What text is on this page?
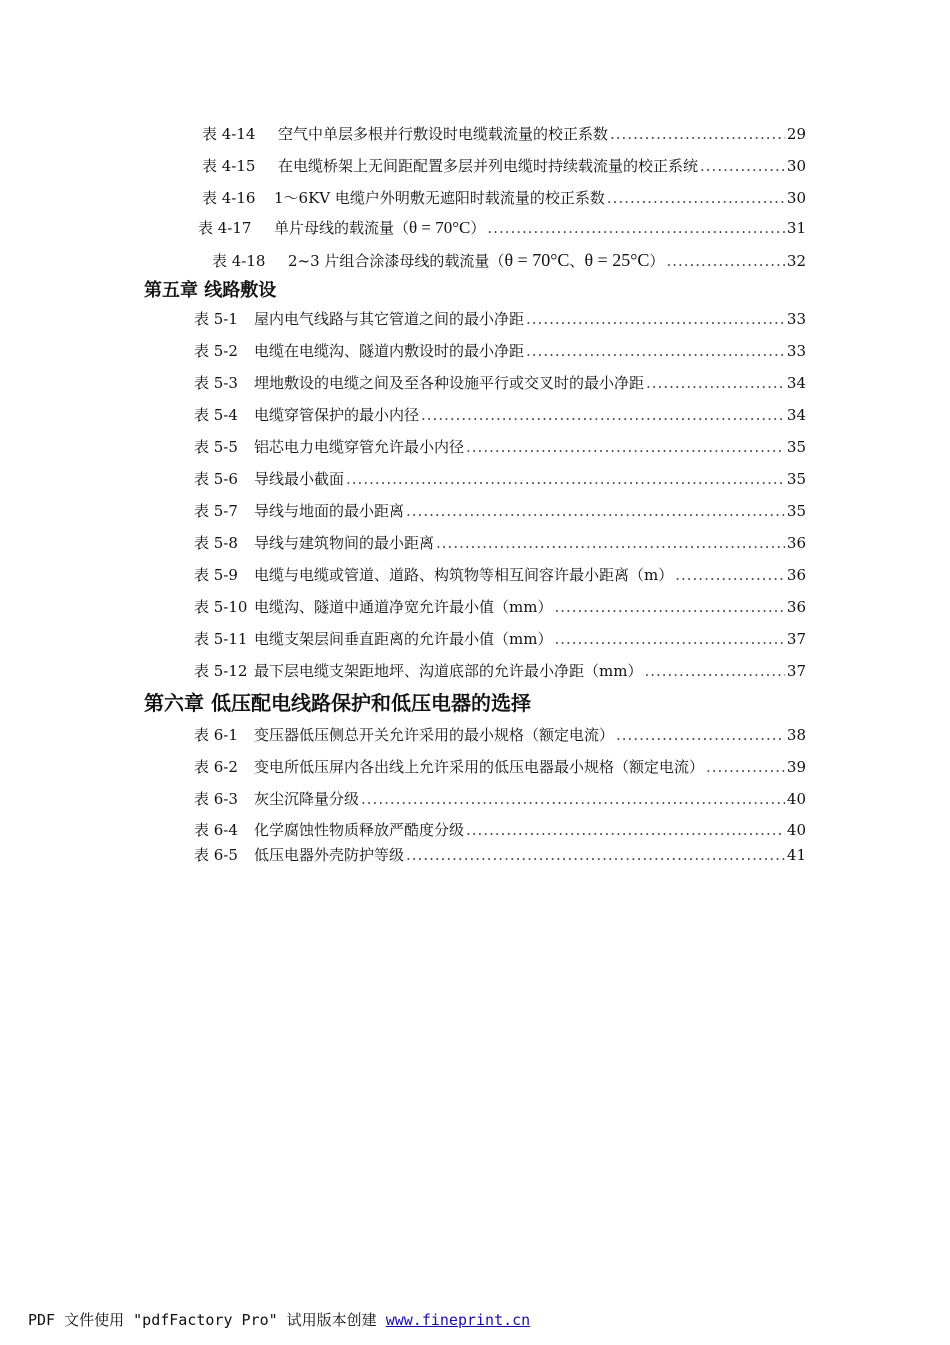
表 4-14	空气中单层多根并行敷设时电缆载流量的校正系数 .....	29
表 4-15	在电缆桥架上无间距配置多层并列电缆时持续载流量的校正系统 .....	30
表 4-16	1～6KV 电缆户外明敷无遮阳时载流量的校正系数 .....	30
表 4-17	单片母线的载流量（ θ = 70°C ） .....	31
表 4-18	2~3 片组合涂漆母线的载流量（ θ = 70°C 、 θ = 25°C ） .....	32
第五章 线路敷设
表 5-1	屋内电气线路与其它管道之间的最小净距 .....	33
表 5-2	电缆在电缆沟、隧道内敷设时的最小净距 .....	33
表 5-3	埋地敷设的电缆之间及至各种设施平行或交叉时的最小净距 .....	34
表 5-4	电缆穿管保护的最小内径 .....	34
表 5-5	铝芯电力电缆穿管允许最小内径 .....	35
表 5-6	导线最小截面 .....	35
表 5-7	导线与地面的最小距离 .....	35
表 5-8	导线与建筑物间的最小距离 .....	36
表 5-9	电缆与电缆或管道、道路、构筑物等相互间容许最小距离（m） .....	36
表 5-10 电缆沟、隧道中通道净宽允许最小值（mm） .....	36
表 5-11 电缆支架层间垂直距离的允许最小值（mm） .....	37
表 5-12 最下层电缆支架距地坪、沟道底部的允许最小净距（mm） .....	37
第六章 低压配电线路保护和低压电器的选择
表 6-1	变压器低压侧总开关允许采用的最小规格（额定电流） .....	38
表 6-2	变电所低压屏内各出线上允许采用的低压电器最小规格（额定电流） .....	39
表 6-3	灰尘沉降量分级 .....	40
表 6-4	化学腐蚀性物质释放严酷度分级 .....	40
表 6-5	低压电器外壳防护等级 .....	41
PDF 文件使用 "pdfFactory Pro" 试用版本创建 www.fineprint.cn
